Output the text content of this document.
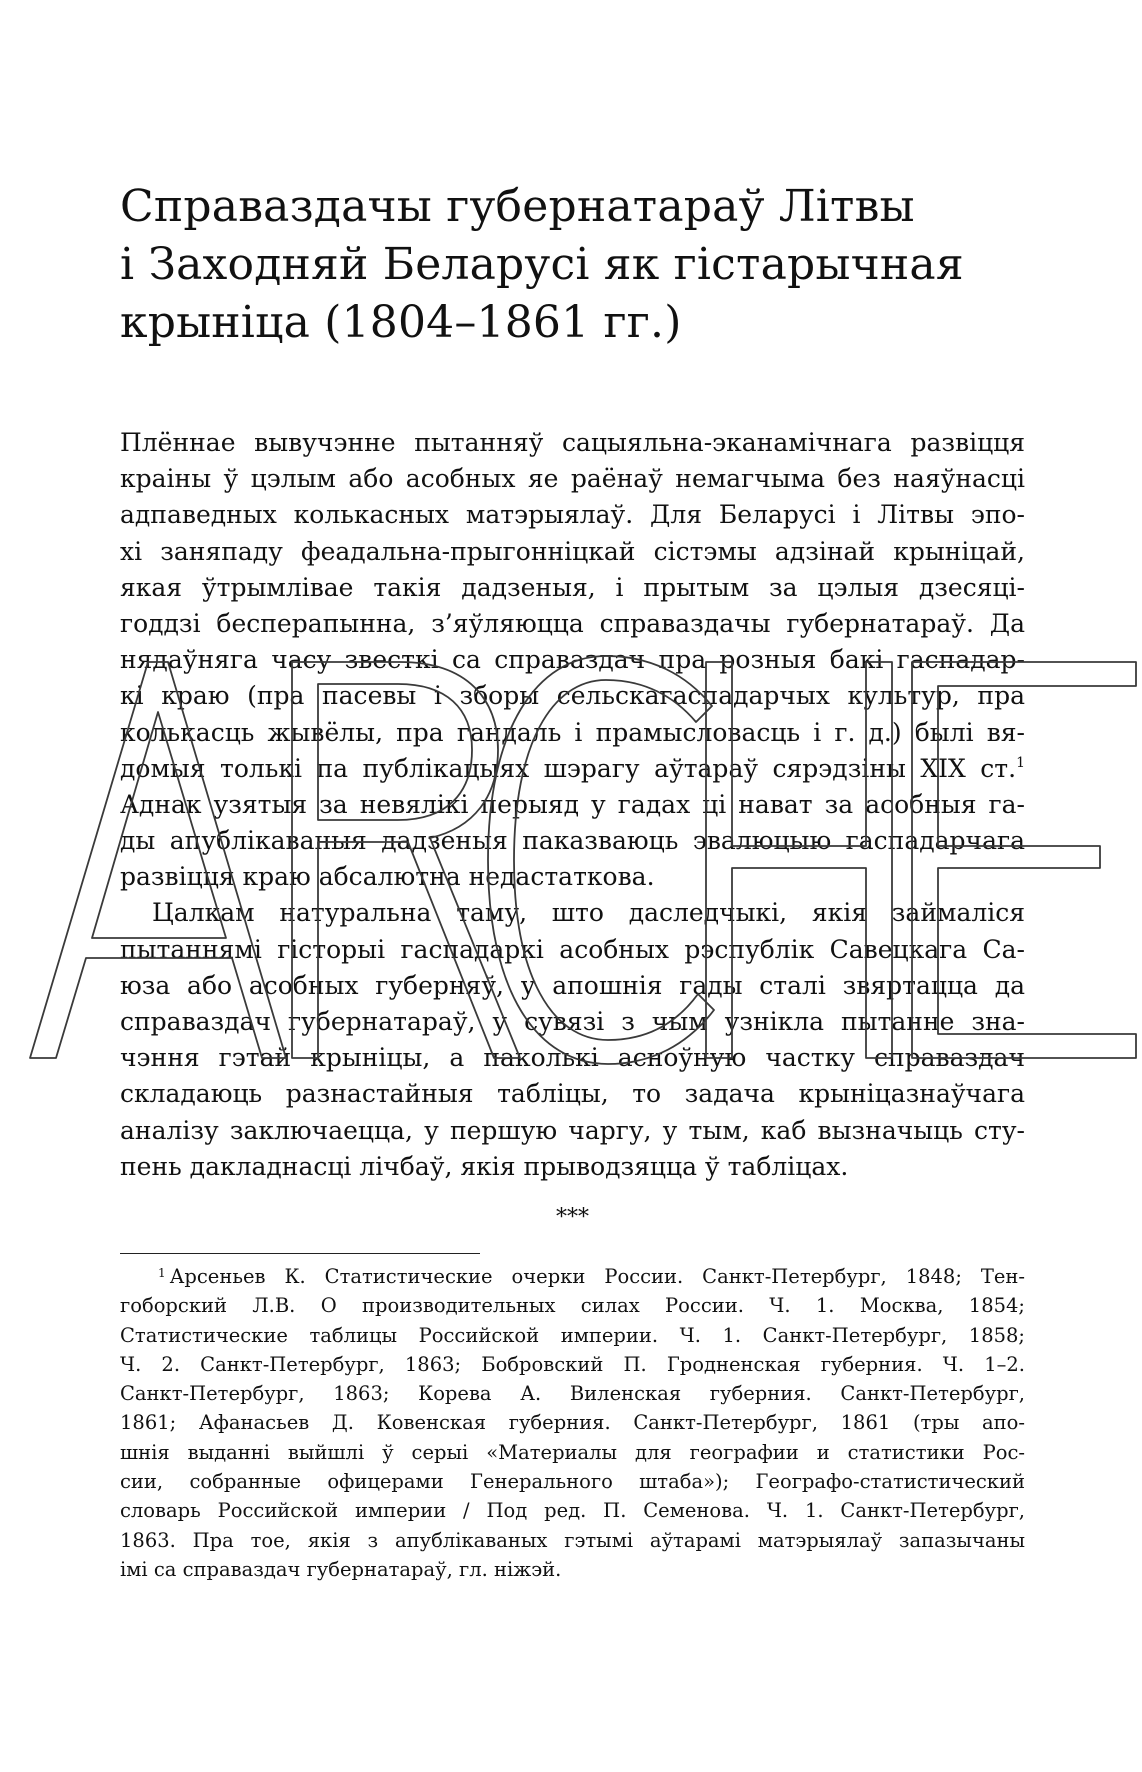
Справаздачы губернатараў Літвы
і Заходняй Беларусі як гістарычная
крыніца (1804–1861 гг.)
Плённае вывучэнне пытанняў сацыяльна-эканамічнага развіцця
краіны ў цэлым або асобных яе раёнаў немагчыма без наяўнасці
адпаведных колькасных матэрыялаў. Для Беларусі і Літвы эпо-
хі заняпаду феадальна-прыгонніцкай сістэмы адзінай крыніцай,
якая ўтрымлівае такія дадзеныя, і прытым за цэлыя дзесяці-
годдзі бесперапынна, з’яўляюцца справаздачы губернатараў. Да
нядаўняга часу звесткі са справаздач пра розныя бакі гаспадар-
кі краю (пра пасевы і зборы сельскагаспадарчых культур, пра
колькасць жывёлы, пра гандаль і прамысловасць і г. д.) былі вя-
домыя толькі па публікацыях шэрагу аўтараў сярэдзіны XIX ст.$^1$
Аднак узятыя за невялікі перыяд у гадах ці нават за асобныя га-
ды апублікаваныя дадзеныя паказваюць эвалюцыю гаспадарчага
развіцця краю абсалютна недастаткова.
Цалкам натуральна таму, што даследчыкі, якія займаліся
пытаннямі гісторыі гаспадаркі асобных рэспублік Савецкага Са-
юза або асобных губерняў, у апошнія гады сталі звяртацца да
справаздач губернатараў, у сувязі з чым узнікла пытанне зна-
чэння гэтай крыніцы, а паколькі асноўную частку справаздач
складаюць разнастайныя табліцы, то задача крыніцазнаўчага
аналізу заключаецца, у першую чаргу, у тым, каб вызначыць сту-
пень дакладнасці лічбаў, якія прыводзяцца ў табліцах.
***
$^1$ Арсеньев К. Статистические очерки России. Санкт-Петербург, 1848; Тен-
гоборский Л.В. О производительных силах России. Ч. 1. Москва, 1854;
Статистические таблицы Российской империи. Ч. 1. Санкт-Петербург, 1858;
Ч. 2. Санкт-Петербург, 1863; Бобровский П. Гродненская губерния. Ч. 1–2.
Санкт-Петербург, 1863; Корева А. Виленская губерния. Санкт-Петербург,
1861; Афанасьев Д. Ковенская губерния. Санкт-Петербург, 1861 (тры апо-
шнія выданні выйшлі ў серыі «Материалы для географии и статистики Рос-
сии, собранные офицерами Генерального штаба»); Географо-статистический
словарь Российской империи / Под ред. П. Семенова. Ч. 1. Санкт-Петербург,
1863. Пра тое, якія з апублікаваных гэтымі аўтарамі матэрыялаў запазычаны
імі са справаздач губернатараў, гл. ніжэй.
